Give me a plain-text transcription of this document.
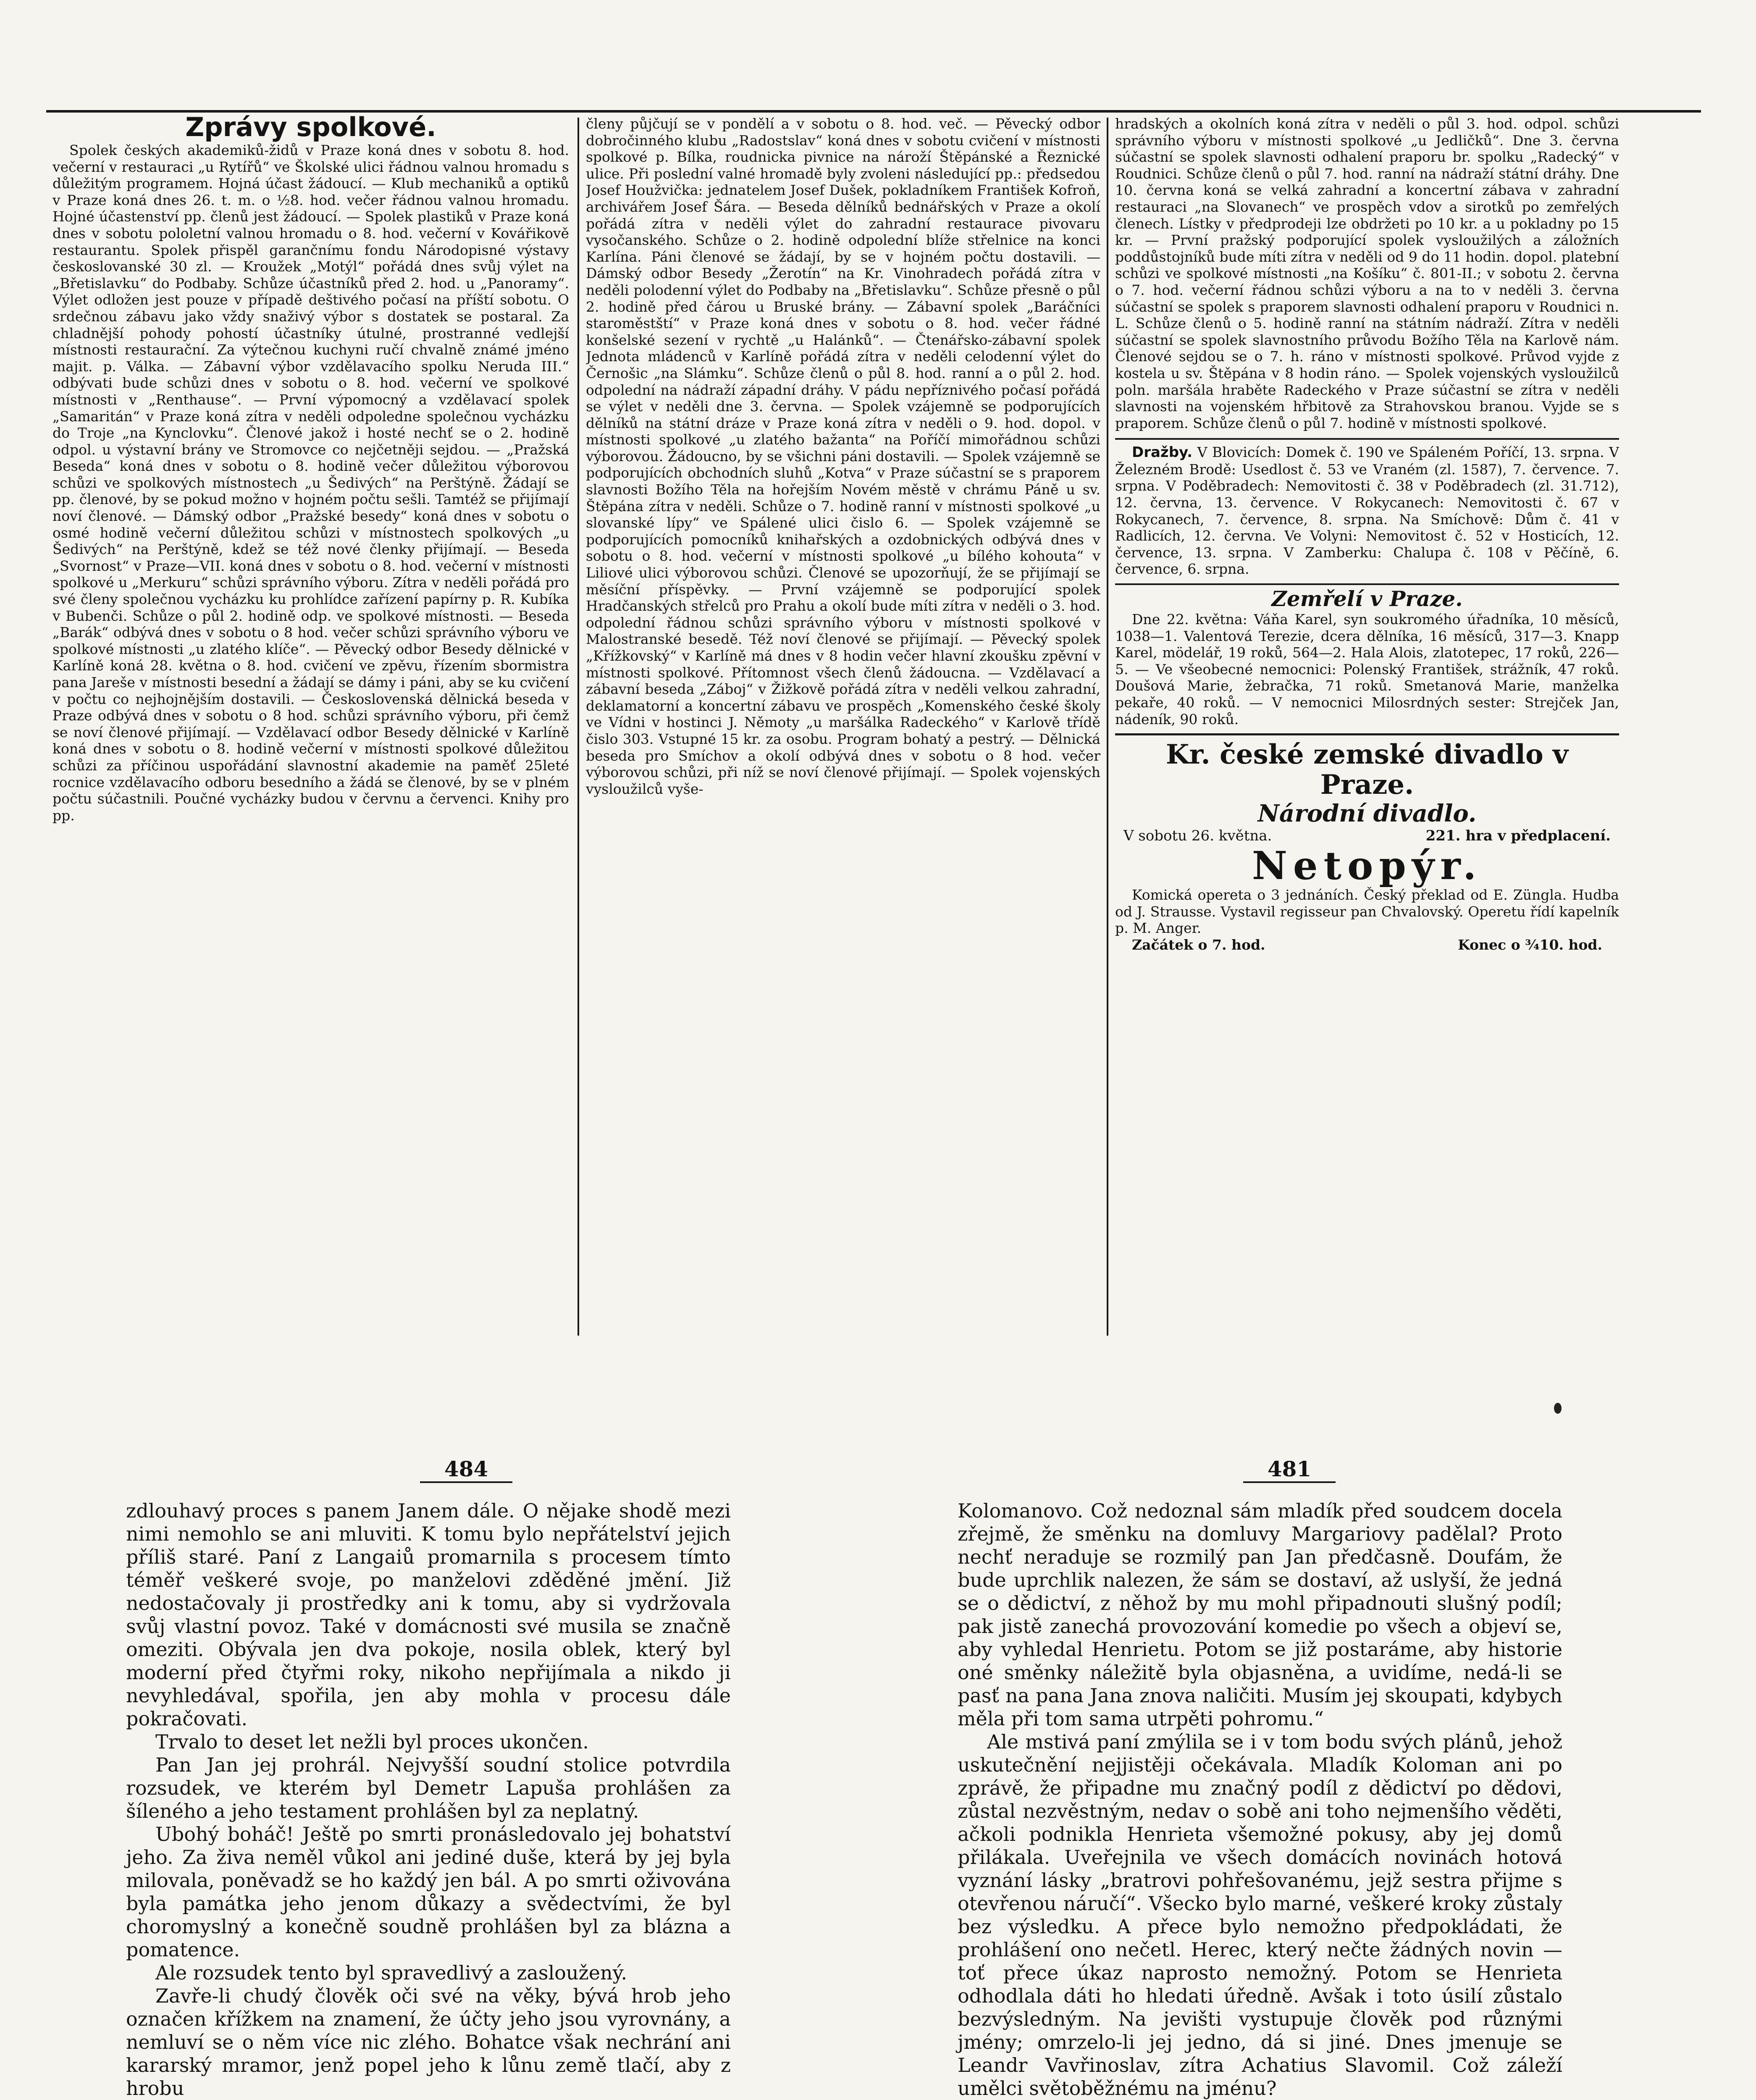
Zprávy spolkové.

Spolek českých akademiků-židů v Praze koná dnes v sobotu 8. hod. večerní v restauraci „u Rytířů“ ve Školské ulici řádnou valnou hromadu s důležitým programem. Hojná účast žádoucí. — Klub mechaniků a optiků v Praze koná dnes 26. t. m. o ½8. hod. večer řádnou valnou hromadu. Hojné účastenství pp. členů jest žádoucí. — Spolek plastiků v Praze koná dnes v sobotu pololetní valnou hromadu o 8. hod. večerní v Kovářikově restaurantu. Spolek přispěl garančnímu fondu Národopisné výstavy českoslovanské 30 zl. — Kroužek „Motýl“ pořádá dnes svůj výlet na „Břetislavku“ do Podbaby. Schůze účastníků před 2. hod. u „Panoramy“. Výlet odložen jest pouze v případě deštivého počasí na příští sobotu. O srdečnou zábavu jako vždy snaživý výbor s dostatek se postaral. Za chladnější pohody pohostí účastníky útulné, prostranné vedlejší místnosti restaurační. Za výtečnou kuchyni ručí chvalně známé jméno majit. p. Válka. — Zábavní výbor vzdělavacího spolku Neruda III.“ odbývati bude schůzi dnes v sobotu o 8. hod. večerní ve spolkové místnosti v „Renthause“. — První výpomocný a vzdělavací spolek „Samaritán“ v Praze koná zítra v neděli odpoledne společnou vycházku do Troje „na Kynclovku“. Členové jakož i hosté nechť se o 2. hodině odpol. u výstavní brány ve Stromovce co nejčetněji sejdou. — „Pražská Beseda“ koná dnes v sobotu o 8. hodině večer důležitou výborovou schůzi ve spolkových místnostech „u Šedivých“ na Perštýně. Žádají se pp. členové, by se pokud možno v hojném počtu sešli. Tamtéž se přijímají noví členové. — Dámský odbor „Pražské besedy“ koná dnes v sobotu o osmé hodině večerní důležitou schůzi v místnostech spolkových „u Šedivých“ na Perštýně, kdež se též nové členky přijímají. — Beseda „Svornost“ v Praze—VII. koná dnes v sobotu o 8. hod. večerní v místnosti spolkové u „Merkuru“ schůzi správního výboru. Zítra v neděli pořádá pro své členy společnou vycházku ku prohlídce zařízení papírny p. R. Kubíka v Bubenči. Schůze o půl 2. hodině odp. ve spolkové místnosti. — Beseda „Barák“ odbývá dnes v sobotu o 8 hod. večer schůzi správního výboru ve spolkové místnosti „u zlatého klíče“. — Pěvecký odbor Besedy dělnické v Karlíně koná 28. května o 8. hod. cvičení ve zpěvu, řízením sbormistra pana Jareše v místnosti besední a žádají se dámy i páni, aby se ku cvičení v počtu co nejhojnějším dostavili. — Československá dělnická beseda v Praze odbývá dnes v sobotu o 8 hod. schůzi správního výboru, při čemž se noví členové přijímají. — Vzdělavací odbor Besedy dělnické v Karlíně koná dnes v sobotu o 8. hodině večerní v místnosti spolkové důležitou schůzi za příčinou uspořádání slavnostní akademie na paměť 25leté rocnice vzdělavacího odboru besedního a žádá se členové, by se v plném počtu súčastnili. Poučné vycházky budou v červnu a červenci. Knihy pro pp.

členy půjčují se v pondělí a v sobotu o 8. hod. več. — Pěvecký odbor dobročinného klubu „Radostslav“ koná dnes v sobotu cvičení v místnosti spolkové p. Bílka, roudnicka pivnice na nároží Štěpánské a Řeznické ulice. Při poslední valné hromadě byly zvoleni následující pp.: předsedou Josef Houžvička: jednatelem Josef Dušek, pokladníkem František Kofroň, archivářem Josef Šára. — Beseda dělníků bednářských v Praze a okolí pořádá zítra v neděli výlet do zahradní restaurace pivovaru vysočanského. Schůze o 2. hodině odpolední blíže střelnice na konci Karlína. Páni členové se žádají, by se v hojném počtu dostavili. — Dámský odbor Besedy „Žerotín“ na Kr. Vinohradech pořádá zítra v neděli polodenní výlet do Podbaby na „Břetislavku“. Schůze přesně o půl 2. hodině před čárou u Bruské brány. — Zábavní spolek „Baráčníci staroměstští“ v Praze koná dnes v sobotu o 8. hod. večer řádné konšelské sezení v rychtě „u Halánků“. — Čtenářsko-zábavní spolek Jednota mládenců v Karlíně pořádá zítra v neděli celodenní výlet do Černošic „na Slámku“. Schůze členů o půl 8. hod. ranní a o půl 2. hod. odpolední na nádraží západní dráhy. V pádu nepříznivého počasí pořádá se výlet v neděli dne 3. června. — Spolek vzájemně se podporujících dělníků na státní dráze v Praze koná zítra v neděli o 9. hod. dopol. v místnosti spolkové „u zlatého bažanta“ na Poříčí mimořádnou schůzi výborovou. Žádoucno, by se všichni páni dostavili. — Spolek vzájemně se podporujících obchodních sluhů „Kotva“ v Praze súčastní se s praporem slavnosti Božího Těla na hořejším Novém městě v chrámu Páně u sv. Štěpána zítra v neděli. Schůze o 7. hodině ranní v místnosti spolkové „u slovanské lípy“ ve Spálené ulici čislo 6. — Spolek vzájemně se podporujících pomocníků knihařských a ozdobnických odbývá dnes v sobotu o 8. hod. večerní v místnosti spolkové „u bílého kohouta“ v Liliové ulici výborovou schůzi. Členové se upozorňují, že se přijímají se měsíční příspěvky. — První vzájemně se podporující spolek Hradčanských střelců pro Prahu a okolí bude míti zítra v neděli o 3. hod. odpolední řádnou schůzi správního výboru v místnosti spolkové v Malostranské besedě. Též noví členové se přijímají. — Pěvecký spolek „Křížkovský“ v Karlíně má dnes v 8 hodin večer hlavní zkoušku zpěvní v místnosti spolkové. Přítomnost všech členů žádoucna. — Vzdělavací a zábavní beseda „Záboj“ v Žižkově pořádá zítra v neděli velkou zahradní, deklamatorní a koncertní zábavu ve prospěch „Komenského české školy ve Vídni v hostinci J. Němoty „u maršálka Radeckého“ v Karlově třídě čislo 303. Vstupné 15 kr. za osobu. Program bohatý a pestrý. — Dělnická beseda pro Smíchov a okolí odbývá dnes v sobotu o 8 hod. večer výborovou schůzi, při níž se noví členové přijímají. — Spolek vojenských vysloužilců vyše-

hradských a okolních koná zítra v neděli o půl 3. hod. odpol. schůzi správního výboru v místnosti spolkové „u Jedličků“. Dne 3. června súčastní se spolek slavnosti odhalení praporu br. spolku „Radecký“ v Roudnici. Schůze členů o půl 7. hod. ranní na nádraží státní dráhy. Dne 10. června koná se velká zahradní a koncertní zábava v zahradní restauraci „na Slovanech“ ve prospěch vdov a sirotků po zemřelých členech. Lístky v předprodeji lze obdržeti po 10 kr. a u pokladny po 15 kr. — První pražský podporující spolek vysloužilých a záložních poddůstojníků bude míti zítra v neděli od 9 do 11 hodin. dopol. platební schůzi ve spolkové místnosti „na Košíku“ č. 801-II.; v sobotu 2. června o 7. hod. večerní řádnou schůzi výboru a na to v neděli 3. června súčastní se spolek s praporem slavnosti odhalení praporu v Roudnici n. L. Schůze členů o 5. hodině ranní na státním nádraží. Zítra v neděli súčastní se spolek slavnostního průvodu Božího Těla na Karlově nám. Členové sejdou se o 7. h. ráno v místnosti spolkové. Průvod vyjde z kostela u sv. Štěpána v 8 hodin ráno. — Spolek vojenských vysloužilců poln. maršála hraběte Radeckého v Praze súčastní se zítra v neděli slavnosti na vojenském hřbitově za Strahovskou branou. Vyjde se s praporem. Schůze členů o půl 7. hodině v místnosti spolkové.

Dražby. V Blovicích: Domek č. 190 ve Spáleném Poříčí, 13. srpna. V Železném Brodě: Usedlost č. 53 ve Vraném (zl. 1587), 7. července. 7. srpna. V Poděbradech: Nemovitosti č. 38 v Poděbradech (zl. 31.712), 12. června, 13. července. V Rokycanech: Nemovitosti č. 67 v Rokycanech, 7. července, 8. srpna. Na Smíchově: Dům č. 41 v Radlicích, 12. června. Ve Volyni: Nemovitost č. 52 v Hosticích, 12. července, 13. srpna. V Zamberku: Chalupa č. 108 v Pěčíně, 6. července, 6. srpna.

Zemřelí v Praze.

Dne 22. května: Váňa Karel, syn soukromého úřadníka, 10 měsíců, 1038—1. Valentová Terezie, dcera dělníka, 16 měsíců, 317—3. Knapp Karel, mödelář, 19 roků, 564—2. Hala Alois, zlatotepec, 17 roků, 226—5. — Ve všeobecné nemocnici: Polenský František, strážník, 47 roků. Doušová Marie, žebračka, 71 roků. Smetanová Marie, manželka pekaře, 40 roků. — V nemocnici Milosrdných sester: Strejček Jan, nádeník, 90 roků.

Kr. české zemské divadlo v Praze.

Národní divadlo.

V sobotu 26. května.	221. hra v předplacení.

Netopýr.

Komická opereta o 3 jednáních. Český překlad od E. Züngla. Hudba od J. Strausse. Vystavil regisseur pan Chvalovský. Operetu řídí kapelník p. M. Anger.

Začátek o 7. hod.	Konec o ¾10. hod.
484	481

zdlouhavý proces s panem Janem dále. O nějake shodě mezi nimi nemohlo se ani mluviti. K tomu bylo nepřátelství jejich příliš staré. Paní z Langaiů promarnila s procesem tímto téměř veškeré svoje, po manželovi zděděné jmění. Již nedostačovaly ji prostředky ani k tomu, aby si vydržovala svůj vlastní povoz. Také v domácnosti své musila se značně omeziti. Obývala jen dva pokoje, nosila oblek, který byl moderní před čtyřmi roky, nikoho nepřijímala a nikdo ji nevyhledával, spořila, jen aby mohla v procesu dále pokračovati.

Trvalo to deset let nežli byl proces ukončen.

Pan Jan jej prohrál. Nejvyšší soudní stolice potvrdila rozsudek, ve kterém byl Demetr Lapuša prohlášen za šíleného a jeho testament prohlášen byl za neplatný.

Ubohý boháč! Ještě po smrti pronásledovalo jej bohatství jeho. Za živa neměl vůkol ani jediné duše, která by jej byla milovala, poněvadž se ho každý jen bál. A po smrti oživována byla památka jeho jenom důkazy a svědectvími, že byl choromyslný a konečně soudně prohlášen byl za blázna a pomatence.

Ale rozsudek tento byl spravedlivý a zasloužený.

Zavře-li chudý člověk oči své na věky, bývá hrob jeho označen křížkem na znamení, že účty jeho jsou vyrovnány, a nemluví se o něm více nic zlého. Bohatce však nechrání ani kararský mramor, jenž popel jeho k lůnu země tlačí, aby z hrobu

Kolomanovo. Což nedoznal sám mladík před soudcem docela zřejmě, že směnku na domluvy Margariovy padělal? Proto nechť neraduje se rozmilý pan Jan předčasně. Doufám, že bude uprchlik nalezen, že sám se dostaví, až uslyší, že jedná se o dědictví, z něhož by mu mohl připadnouti slušný podíl; pak jistě zanechá provozování komedie po všech a objeví se, aby vyhledal Henrietu. Potom se již postaráme, aby historie oné směnky náležitě byla objasněna, a uvidíme, nedá-li se pasť na pana Jana znova naličiti. Musím jej skoupati, kdybych měla při tom sama utrpěti pohromu.“

Ale mstivá paní zmýlila se i v tom bodu svých plánů, jehož uskutečnění nejjistěji očekávala. Mladík Koloman ani po zprávě, že připadne mu značný podíl z dědictví po dědovi, zůstal nezvěstným, nedav o sobě ani toho nejmenšího věděti, ačkoli podnikla Henrieta všemožné pokusy, aby jej domů přilákala. Uveřejnila ve všech domácích novinách hotová vyznání lásky „bratrovi pohřešovanému, jejž sestra přijme s otevřenou náručí“. Všecko bylo marné, veškeré kroky zůstaly bez výsledku. A přece bylo nemožno předpokládati, že prohlášení ono nečetl. Herec, který nečte žádných novin — toť přece úkaz naprosto nemožný. Potom se Henrieta odhodlala dáti ho hledati úředně. Avšak i toto úsilí zůstalo bezvýsledným. Na jevišti vystupuje člověk pod různými jmény; omrzelo-li jej jedno, dá si jiné. Dnes jmenuje se Leandr Vavřinoslav, zítra Achatius Slavomil. Což záleží umělci světoběžnému na jménu?
